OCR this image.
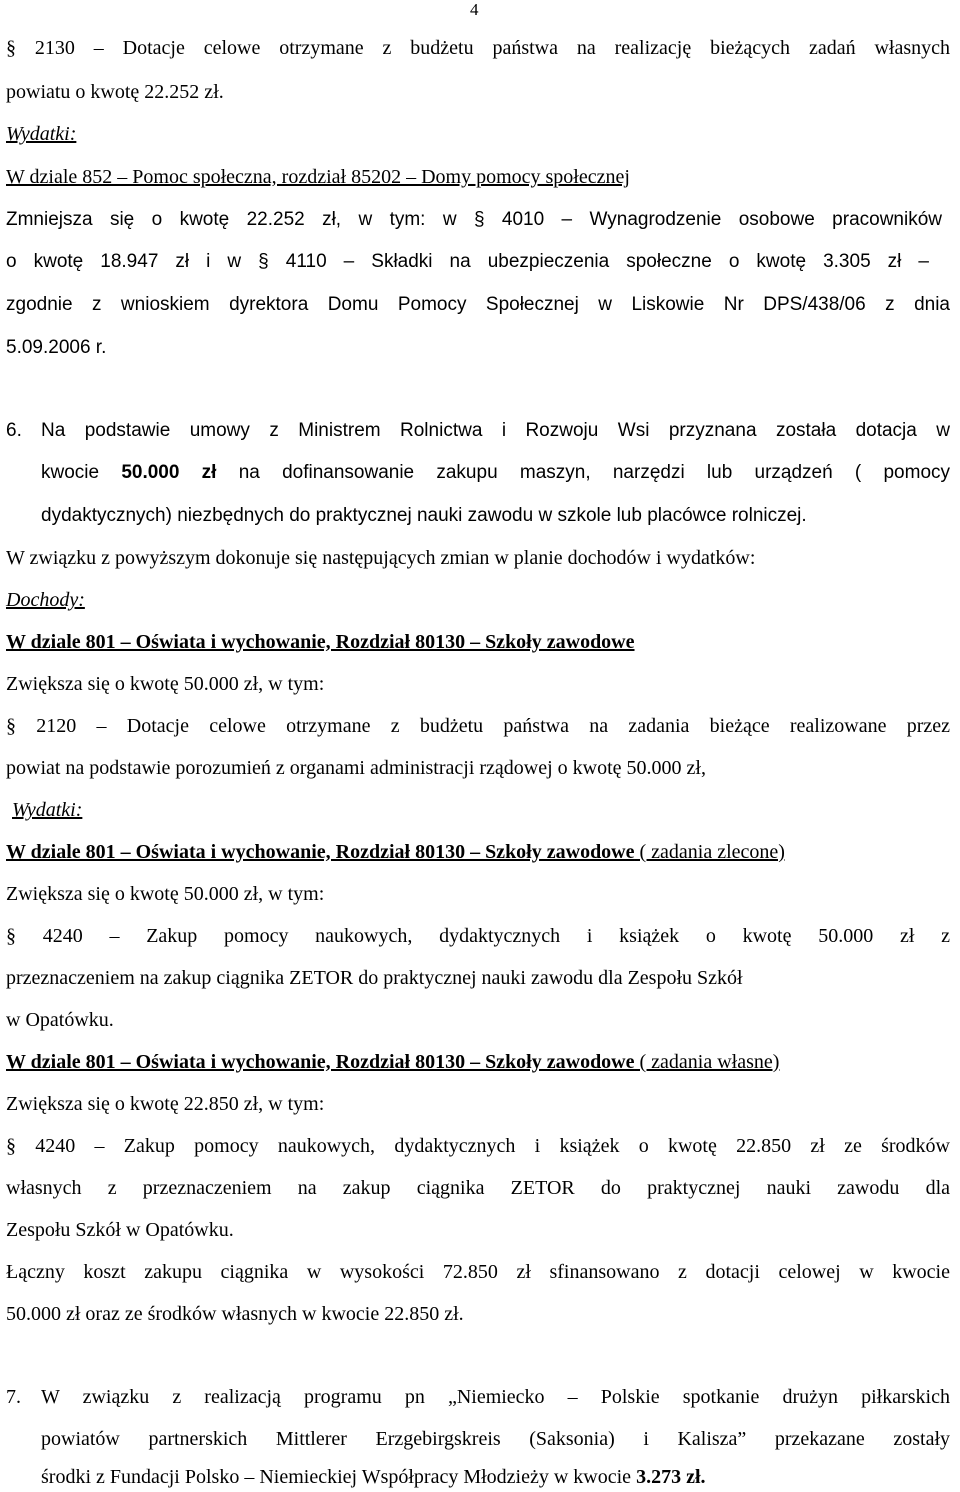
4
§ 2130 – Dotacje celowe otrzymane z budżetu państwa na realizację bieżących zadań własnych
powiatu o kwotę 22.252 zł.
Wydatki:
W dziale 852 – Pomoc społeczna, rozdział 85202 – Domy pomocy społecznej
Zmniejsza się o kwotę 22.252 zł, w tym: w § 4010 – Wynagrodzenie osobowe pracowników
o kwotę 18.947 zł i w § 4110 – Składki na ubezpieczenia społeczne o kwotę 3.305 zł –
zgodnie z wnioskiem dyrektora Domu Pomocy Społecznej w Liskowie Nr DPS/438/06 z dnia
5.09.2006 r.
6. Na podstawie umowy z Ministrem Rolnictwa i Rozwoju Wsi przyznana została dotacja w
kwocie 50.000 zł na dofinansowanie zakupu maszyn, narzędzi lub urządzeń ( pomocy
dydaktycznych) niezbędnych do praktycznej nauki zawodu w szkole lub placówce rolniczej.
W związku z powyższym dokonuje się następujących zmian w planie dochodów i wydatków:
Dochody:
W dziale 801 – Oświata i wychowanie, Rozdział 80130 – Szkoły zawodowe
Zwiększa się o kwotę 50.000 zł, w tym:
§ 2120 – Dotacje celowe otrzymane z budżetu państwa na zadania bieżące realizowane przez
powiat na podstawie porozumień z organami administracji rządowej o kwotę 50.000 zł,
Wydatki:
W dziale 801 – Oświata i wychowanie, Rozdział 80130 – Szkoły zawodowe ( zadania zlecone)
Zwiększa się o kwotę 50.000 zł, w tym:
§ 4240 – Zakup pomocy naukowych, dydaktycznych i książek o kwotę 50.000 zł z
przeznaczeniem na zakup ciągnika ZETOR do praktycznej nauki zawodu dla Zespołu Szkół
w Opatówku.
W dziale 801 – Oświata i wychowanie, Rozdział 80130 – Szkoły zawodowe ( zadania własne)
Zwiększa się o kwotę 22.850 zł, w tym:
§ 4240 – Zakup pomocy naukowych, dydaktycznych i książek o kwotę 22.850 zł ze środków
własnych z przeznaczeniem na zakup ciągnika ZETOR do praktycznej nauki zawodu dla
Zespołu Szkół w Opatówku.
Łączny koszt zakupu ciągnika w wysokości 72.850 zł sfinansowano z dotacji celowej w kwocie
50.000 zł oraz ze środków własnych w kwocie 22.850 zł.
7. W związku z realizacją programu pn „Niemiecko – Polskie spotkanie drużyn piłkarskich
powiatów partnerskich Mittlerer Erzgebirgskreis (Saksonia) i Kalisza” przekazane zostały
środki z Fundacji Polsko – Niemieckiej Współpracy Młodzieży w kwocie 3.273 zł.
